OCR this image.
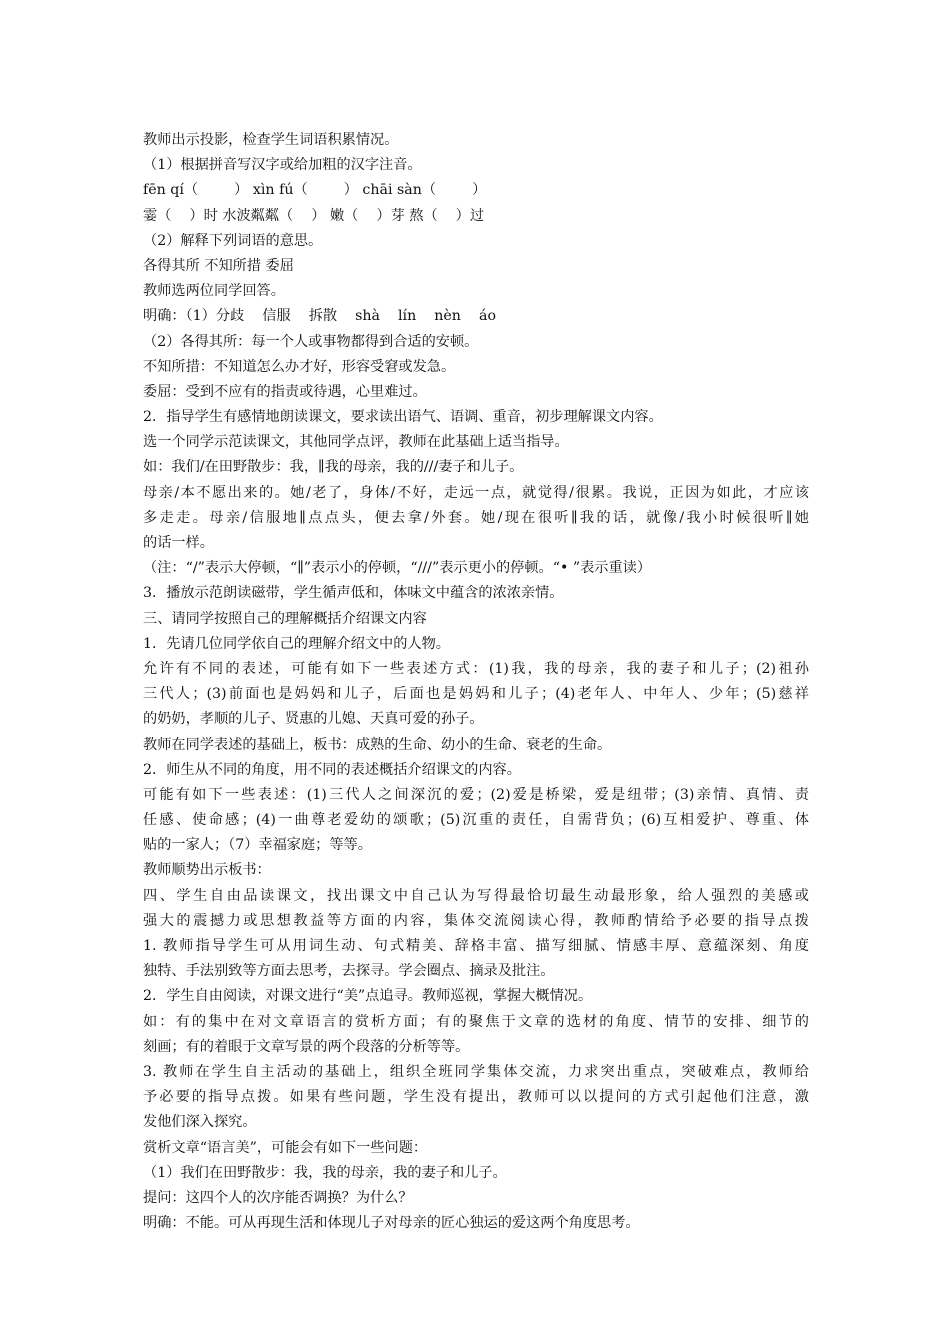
教师出示投影，检查学生词语积累情况。
（1）根据拼音写汉字或给加粗的汉字注音。
fēn qí（        ） xìn fú（        ） chāi sàn（        ）
霎（    ）时 水波粼粼（    ） 嫩（    ）芽 熬（    ）过
（2）解释下列词语的意思。
各得其所 不知所措 委屈
教师选两位同学回答。
明确：（1）分歧    信服    拆散    shà    lín    nèn    áo
（2）各得其所：每一个人或事物都得到合适的安顿。
不知所措：不知道怎么办才好，形容受窘或发急。
委屈：受到不应有的指责或待遇，心里难过。
2．指导学生有感情地朗读课文，要求读出语气、语调、重音，初步理解课文内容。
选一个同学示范读课文，其他同学点评，教师在此基础上适当指导。
如：我们/在田野散步：我，∥我的母亲，我的///妻子和儿子。
母亲/本不愿出来的。她/老了，身体/不好，走远一点，就觉得/很累。我说，正因为如此，才应该
多走走。母亲/信服地∥点点头，便去拿/外套。她/现在很听∥我的话，就像/我小时候很听∥她
的话一样。
（注：“/”表示大停顿，“∥”表示小的停顿，“///”表示更小的停顿。“• ”表示重读）
3．播放示范朗读磁带，学生循声低和，体味文中蕴含的浓浓亲情。
三、请同学按照自己的理解概括介绍课文内容
1．先请几位同学依自己的理解介绍文中的人物。
允许有不同的表述，可能有如下一些表述方式：(1)我，我的母亲，我的妻子和儿子；(2)祖孙
三代人；(3)前面也是妈妈和儿子，后面也是妈妈和儿子；(4)老年人、中年人、少年；(5)慈祥
的奶奶，孝顺的儿子、贤惠的儿媳、天真可爱的孙子。
教师在同学表述的基础上，板书：成熟的生命、幼小的生命、衰老的生命。
2．师生从不同的角度，用不同的表述概括介绍课文的内容。
可能有如下一些表述：(1)三代人之间深沉的爱；(2)爱是桥梁，爱是纽带；(3)亲情、真情、责
任感、使命感；(4)一曲尊老爱幼的颂歌；(5)沉重的责任，自需背负；(6)互相爱护、尊重、体
贴的一家人；（7）幸福家庭；等等。
教师顺势出示板书：
四、学生自由品读课文，找出课文中自己认为写得最恰切最生动最形象，给人强烈的美感或
强大的震撼力或思想教益等方面的内容，集体交流阅读心得，教师酌情给予必要的指导点拨
1. 教师指导学生可从用词生动、句式精美、辞格丰富、描写细腻、情感丰厚、意蕴深刻、角度
独特、手法别致等方面去思考，去探寻。学会圈点、摘录及批注。
2．学生自由阅读，对课文进行“美”点追寻。教师巡视，掌握大概情况。
如：有的集中在对文章语言的赏析方面；有的聚焦于文章的选材的角度、情节的安排、细节的
刻画；有的着眼于文章写景的两个段落的分析等等。
3. 教师在学生自主活动的基础上，组织全班同学集体交流，力求突出重点，突破难点，教师给
予必要的指导点拨。如果有些问题，学生没有提出，教师可以以提问的方式引起他们注意，激
发他们深入探究。
赏析文章“语言美”，可能会有如下一些问题：
（1）我们在田野散步：我，我的母亲，我的妻子和儿子。
提问：这四个人的次序能否调换？为什么？
明确：不能。可从再现生活和体现儿子对母亲的匠心独运的爱这两个角度思考。
